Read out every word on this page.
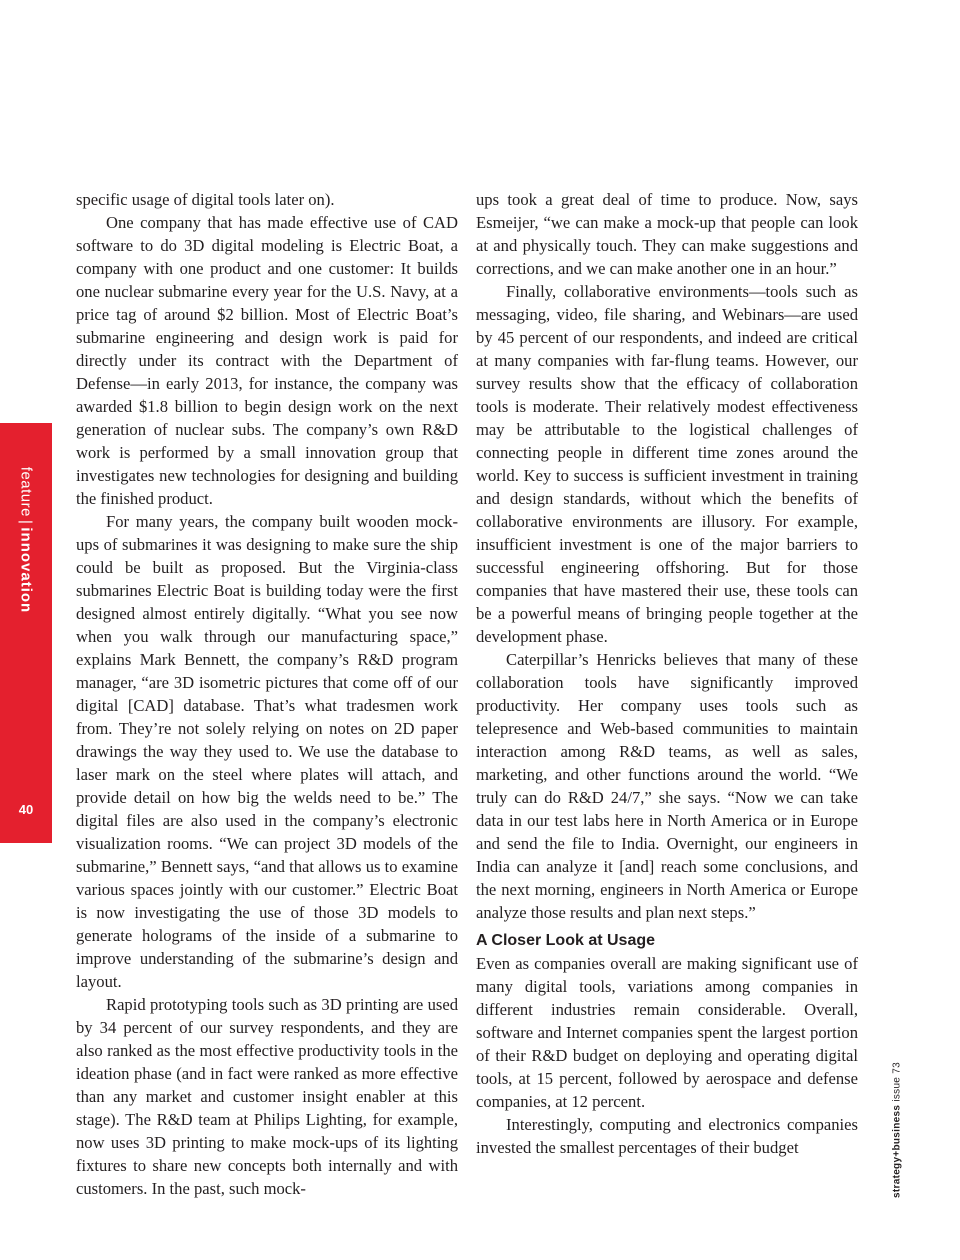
feature|innovation
40

specific usage of digital tools later on).

One company that has made effective use of CAD software to do 3D digital modeling is Electric Boat, a company with one product and one customer: It builds one nuclear submarine every year for the U.S. Navy, at a price tag of around $2 billion. Most of Electric Boat’s submarine engineering and design work is paid for directly under its contract with the Department of Defense—in early 2013, for instance, the company was awarded $1.8 billion to begin design work on the next generation of nuclear subs. The company’s own R&D work is performed by a small innovation group that investigates new technologies for designing and building the finished product.

For many years, the company built wooden mock-ups of submarines it was designing to make sure the ship could be built as proposed. But the Virginia-class submarines Electric Boat is building today were the first designed almost entirely digitally. “What you see now when you walk through our manufacturing space,” explains Mark Bennett, the company’s R&D program manager, “are 3D isometric pictures that come off of our digital [CAD] database. That’s what tradesmen work from. They’re not solely relying on notes on 2D paper drawings the way they used to. We use the database to laser mark on the steel where plates will attach, and provide detail on how big the welds need to be.” The digital files are also used in the company’s electronic visualization rooms. “We can project 3D models of the submarine,” Bennett says, “and that allows us to examine various spaces jointly with our customer.” Electric Boat is now investigating the use of those 3D models to generate holograms of the inside of a submarine to improve understanding of the submarine’s design and layout.

Rapid prototyping tools such as 3D printing are used by 34 percent of our survey respondents, and they are also ranked as the most effective productivity tools in the ideation phase (and in fact were ranked as more effective than any market and customer insight enabler at this stage). The R&D team at Philips Lighting, for example, now uses 3D printing to make mock-ups of its lighting fixtures to share new concepts both internally and with customers. In the past, such mock-

ups took a great deal of time to produce. Now, says Esmeijer, “we can make a mock-up that people can look at and physically touch. They can make suggestions and corrections, and we can make another one in an hour.”

Finally, collaborative environments—tools such as messaging, video, file sharing, and Webinars—are used by 45 percent of our respondents, and indeed are critical at many companies with far-flung teams. However, our survey results show that the efficacy of collaboration tools is moderate. Their relatively modest effectiveness may be attributable to the logistical challenges of connecting people in different time zones around the world. Key to success is sufficient investment in training and design standards, without which the benefits of collaborative environments are illusory. For example, insufficient investment is one of the major barriers to successful engineering offshoring. But for those companies that have mastered their use, these tools can be a powerful means of bringing people together at the development phase.

Caterpillar’s Henricks believes that many of these collaboration tools have significantly improved productivity. Her company uses tools such as telepresence and Web-based communities to maintain interaction among R&D teams, as well as sales, marketing, and other functions around the world. “We truly can do R&D 24/7,” she says. “Now we can take data in our test labs here in North America or in Europe and send the file to India. Overnight, our engineers in India can analyze it [and] reach some conclusions, and the next morning, engineers in North America or Europe analyze those results and plan next steps.”

A Closer Look at Usage

Even as companies overall are making significant use of many digital tools, variations among companies in different industries remain considerable. Overall, software and Internet companies spent the largest portion of their R&D budget on deploying and operating digital tools, at 15 percent, followed by aerospace and defense companies, at 12 percent.

Interestingly, computing and electronics companies invested the smallest percentages of their budget	strategy+business issue 73
